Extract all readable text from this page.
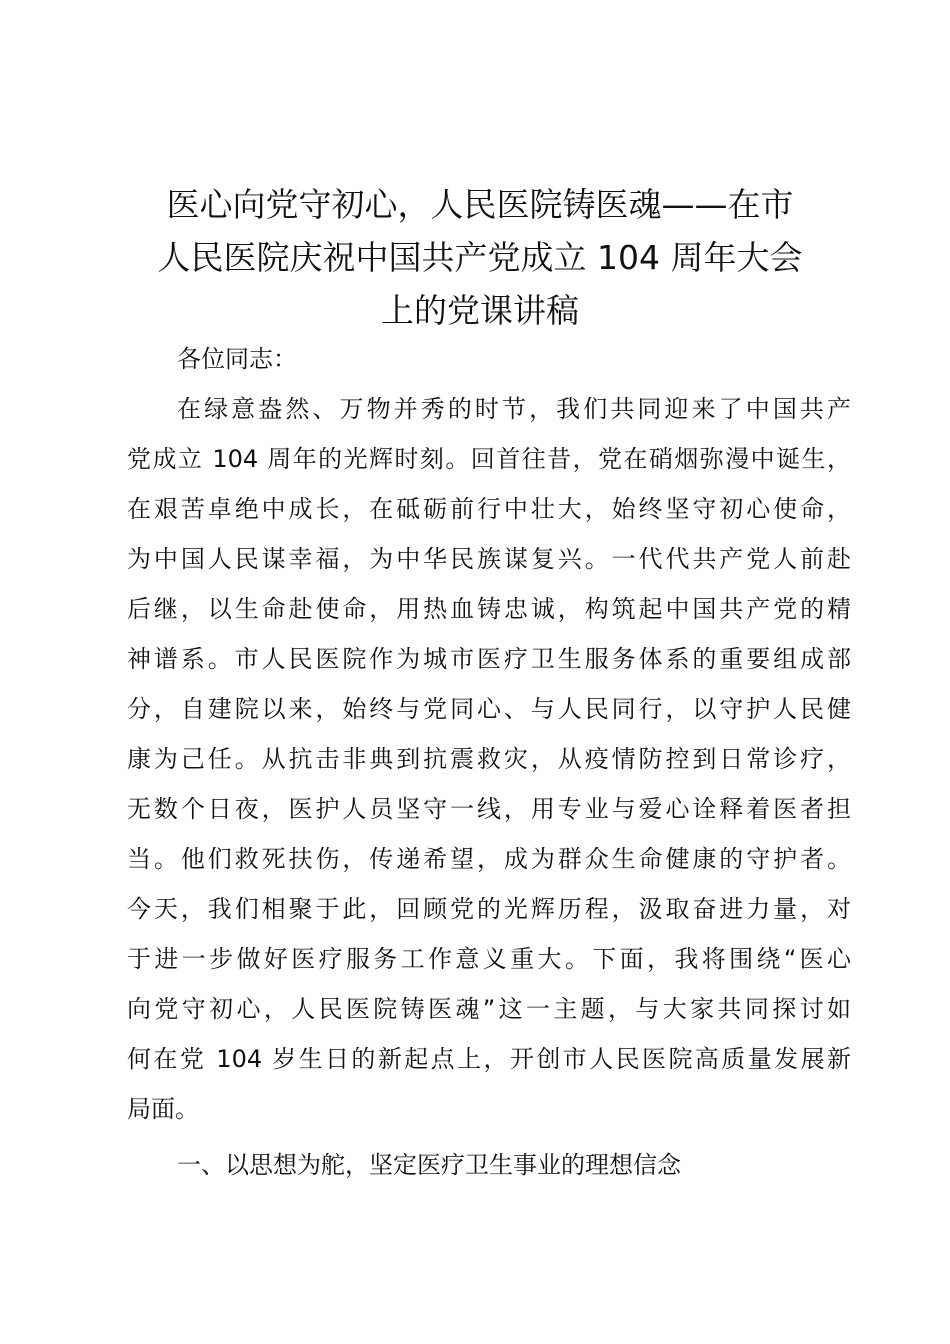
医心向党守初心，人民医院铸医魂——在市
人民医院庆祝中国共产党成立 104 周年大会
上的党课讲稿

各位同志：

在绿意盎然、万物并秀的时节，我们共同迎来了中国共产
党成立 104 周年的光辉时刻。回首往昔，党在硝烟弥漫中诞生，
在艰苦卓绝中成长，在砥砺前行中壮大，始终坚守初心使命，
为中国人民谋幸福，为中华民族谋复兴。一代代共产党人前赴
后继，以生命赴使命，用热血铸忠诚，构筑起中国共产党的精
神谱系。市人民医院作为城市医疗卫生服务体系的重要组成部
分，自建院以来，始终与党同心、与人民同行，以守护人民健
康为己任。从抗击非典到抗震救灾，从疫情防控到日常诊疗，
无数个日夜，医护人员坚守一线，用专业与爱心诠释着医者担
当。他们救死扶伤，传递希望，成为群众生命健康的守护者。
今天，我们相聚于此，回顾党的光辉历程，汲取奋进力量，对
于进一步做好医疗服务工作意义重大。下面，我将围绕“医心
向党守初心，人民医院铸医魂”这一主题，与大家共同探讨如
何在党 104 岁生日的新起点上，开创市人民医院高质量发展新
局面。

一、以思想为舵，坚定医疗卫生事业的理想信念
